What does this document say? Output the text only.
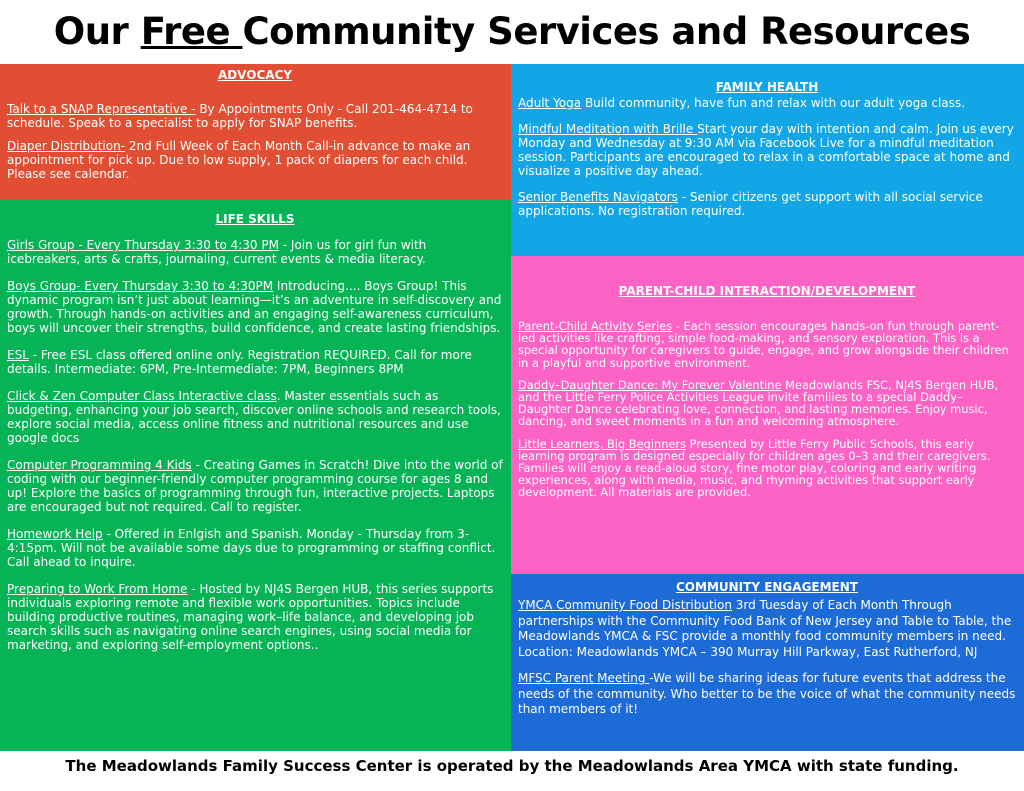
Our Free Community Services and Resources
ADVOCACY
Talk to a SNAP Representative - By Appointments Only - Call 201-464-4714 to schedule. Speak to a specialist to apply for SNAP benefits.
Diaper Distribution- 2nd Full Week of Each Month Call-in advance to make an appointment for pick up. Due to low supply, 1 pack of diapers for each child. Please see calendar.
LIFE SKILLS
Girls Group - Every Thursday 3:30 to 4:30 PM - Join us for girl fun with icebreakers, arts & crafts, journaling, current events & media literacy.
Boys Group- Every Thursday 3:30 to 4:30PM Introducing.... Boys Group! This dynamic program isn’t just about learning—it’s an adventure in self-discovery and growth. Through hands-on activities and an engaging self-awareness curriculum, boys will uncover their strengths, build confidence, and create lasting friendships.
ESL - Free ESL class offered online only. Registration REQUIRED. Call for more details. Intermediate: 6PM, Pre-Intermediate: 7PM, Beginners 8PM
Click & Zen Computer Class Interactive class. Master essentials such as budgeting, enhancing your job search, discover online schools and research tools, explore social media, access online fitness and nutritional resources and use google docs
Computer Programming 4 Kids - Creating Games in Scratch! Dive into the world of coding with our beginner-friendly computer programming course for ages 8 and up! Explore the basics of programming through fun, interactive projects. Laptops are encouraged but not required. Call to register.
Homework Help - Offered in Enlgish and Spanish. Monday - Thursday from 3-4:15pm. Will not be available some days due to programming or staffing conflict. Call ahead to inquire.
Preparing to Work From Home - Hosted by NJ4S Bergen HUB, this series supports individuals exploring remote and flexible work opportunities. Topics include building productive routines, managing work–life balance, and developing job search skills such as navigating online search engines, using social media for marketing, and exploring self-employment options..
FAMILY HEALTH
Adult Yoga Build community, have fun and relax with our adult yoga class.
Mindful Meditation with Brille Start your day with intention and calm. Join us every Monday and Wednesday at 9:30 AM via Facebook Live for a mindful meditation session. Participants are encouraged to relax in a comfortable space at home and visualize a positive day ahead.
Senior Benefits Navigators - Senior citizens get support with all social service applications. No registration required.
PARENT-CHILD INTERACTION/DEVELOPMENT
Parent-Child Activity Series - Each session encourages hands-on fun through parent-led activities like crafting, simple food-making, and sensory exploration. This is a special opportunity for caregivers to guide, engage, and grow alongside their children in a playful and supportive environment.
Daddy–Daughter Dance: My Forever Valentine Meadowlands FSC, NJ4S Bergen HUB, and the Little Ferry Police Activities League invite families to a special Daddy–Daughter Dance celebrating love, connection, and lasting memories. Enjoy music, dancing, and sweet moments in a fun and welcoming atmosphere.
Little Learners, Big Beginners Presented by Little Ferry Public Schools, this early learning program is designed especially for children ages 0–3 and their caregivers. Families will enjoy a read-aloud story, fine motor play, coloring and early writing experiences, along with media, music, and rhyming activities that support early development. All materials are provided.
COMMUNITY ENGAGEMENT
YMCA Community Food Distribution 3rd Tuesday of Each Month Through partnerships with the Community Food Bank of New Jersey and Table to Table, the Meadowlands YMCA & FSC provide a monthly food community members in need. Location: Meadowlands YMCA – 390 Murray Hill Parkway, East Rutherford, NJ
MFSC Parent Meeting -We will be sharing ideas for future events that address the needs of the community. Who better to be the voice of what the community needs than members of it!
The Meadowlands Family Success Center is operated by the Meadowlands Area YMCA with state funding.
